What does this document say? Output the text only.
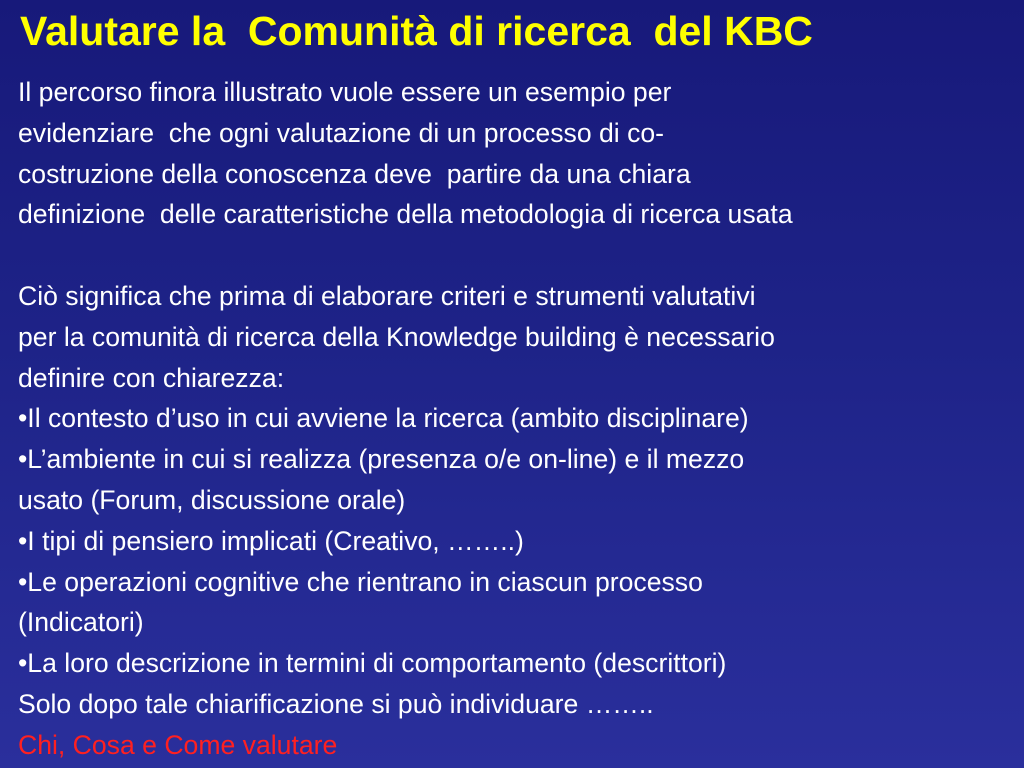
Valutare la  Comunità di ricerca  del KBC
Il percorso finora illustrato vuole essere un esempio per
evidenziare  che ogni valutazione di un processo di co-
costruzione della conoscenza deve  partire da una chiara
definizione  delle caratteristiche della metodologia di ricerca usata
Ciò significa che prima di elaborare criteri e strumenti valutativi
per la comunità di ricerca della Knowledge building è necessario
definire con chiarezza:
•Il contesto d’uso in cui avviene la ricerca (ambito disciplinare)
•L’ambiente in cui si realizza (presenza o/e on-line) e il mezzo
usato (Forum, discussione orale)
•I tipi di pensiero implicati (Creativo, ……..)
•Le operazioni cognitive che rientrano in ciascun processo
(Indicatori)
•La loro descrizione in termini di comportamento (descrittori)
Solo dopo tale chiarificazione si può individuare ……..
Chi, Cosa e Come valutare
